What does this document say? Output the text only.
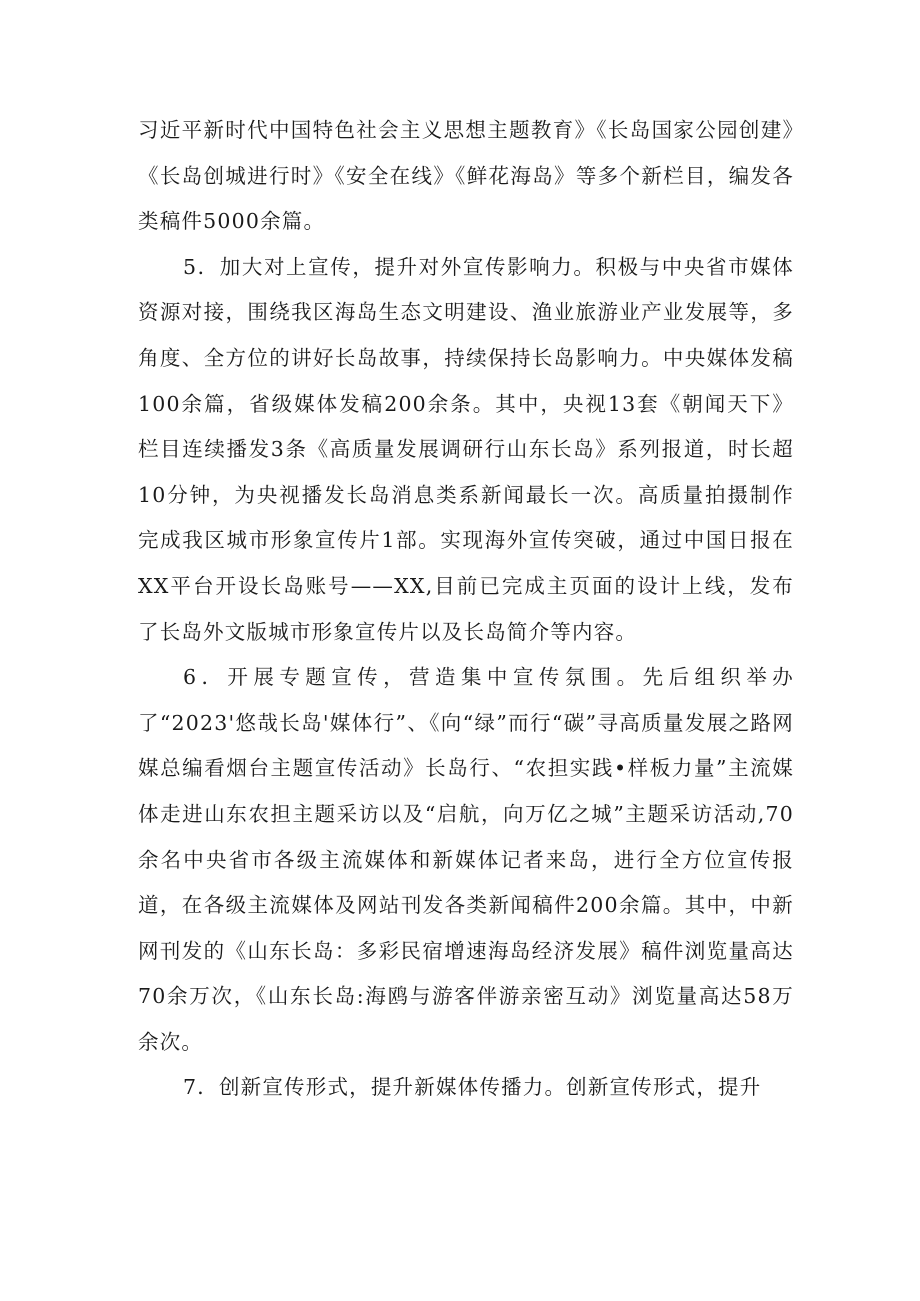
习近平新时代中国特色社会主义思想主题教育》《长岛国家公园创建》《长岛创城进行时》《安全在线》《鲜花海岛》等多个新栏目，编发各类稿件5000余篇。

5．加大对上宣传，提升对外宣传影响力。积极与中央省市媒体资源对接，围绕我区海岛生态文明建设、渔业旅游业产业发展等，多角度、全方位的讲好长岛故事，持续保持长岛影响力。中央媒体发稿100余篇，省级媒体发稿200余条。其中，央视13套《朝闻天下》栏目连续播发3条《高质量发展调研行山东长岛》系列报道，时长超10分钟，为央视播发长岛消息类系新闻最长一次。高质量拍摄制作完成我区城市形象宣传片1部。实现海外宣传突破，通过中国日报在XX平台开设长岛账号——XX,目前已完成主页面的设计上线，发布了长岛外文版城市形象宣传片以及长岛简介等内容。

6．开展专题宣传，营造集中宣传氛围。先后组织举办了“2023'悠哉长岛'媒体行”、《向“绿”而行“碳”寻高质量发展之路网媒总编看烟台主题宣传活动》长岛行、“农担实践•样板力量”主流媒体走进山东农担主题采访以及“启航，向万亿之城”主题采访活动,70余名中央省市各级主流媒体和新媒体记者来岛，进行全方位宣传报道，在各级主流媒体及网站刊发各类新闻稿件200余篇。其中，中新网刊发的《山东长岛：多彩民宿增速海岛经济发展》稿件浏览量高达70余万次，《山东长岛:海鸥与游客伴游亲密互动》浏览量高达58万余次。

7．创新宣传形式，提升新媒体传播力。创新宣传形式，提升
